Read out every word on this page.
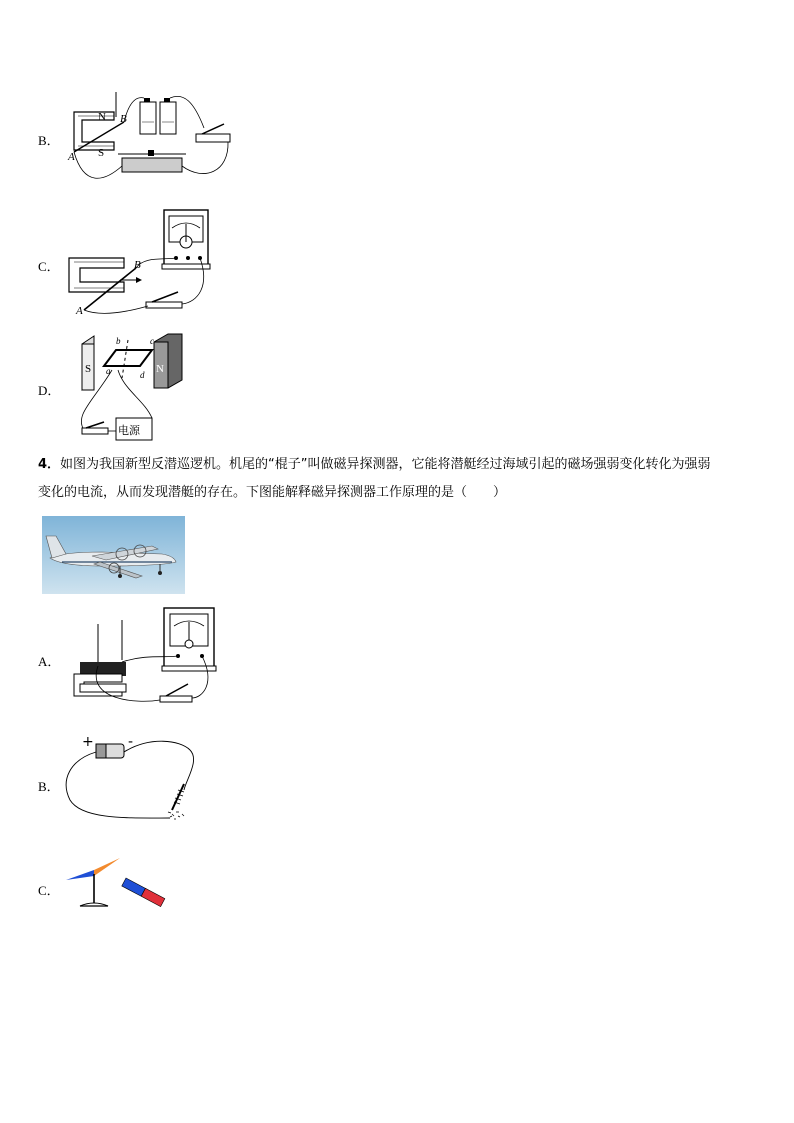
B．
N
S
A
B
C．
A
B
D．
S	N
a
b	c
d
电源
4．如图为我国新型反潜巡逻机。机尾的“棍子”叫做磁异探测器，它能将潜艇经过海域引起的磁场强弱变化转化为强弱
变化的电流，从而发现潜艇的存在。下图能解释磁异探测器工作原理的是（　　）
A．
B．
+ -
C．
